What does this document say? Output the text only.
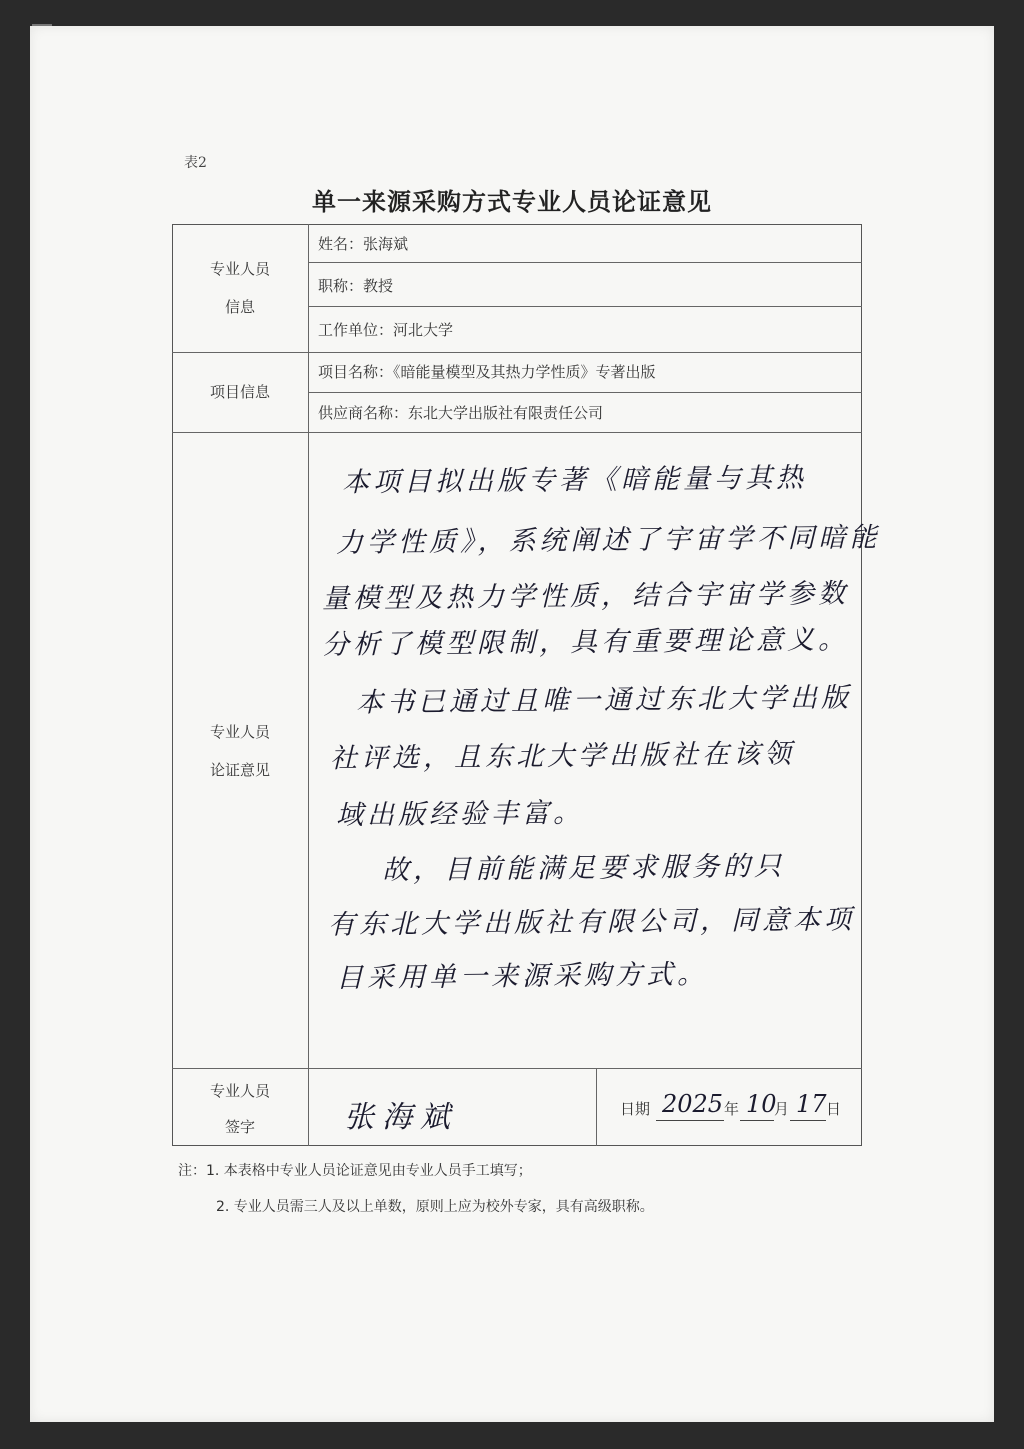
表2
单一来源采购方式专业人员论证意见
专业人员
信息
姓名：张海斌
职称：教授
工作单位：河北大学
项目信息
项目名称：《暗能量模型及其热力学性质》专著出版
供应商名称：东北大学出版社有限责任公司
专业人员
论证意见
本项目拟出版专著《暗能量与其热
力学性质》，系统阐述了宇宙学不同暗能
量模型及热力学性质，结合宇宙学参数
分析了模型限制，具有重要理论意义。
本书已通过且唯一通过东北大学出版
社评选，且东北大学出版社在该领
域出版经验丰富。
故，目前能满足要求服务的只
有东北大学出版社有限公司，同意本项
目采用单一来源采购方式。
专业人员
签字	张海斌	日期 2025 年 10
月 17 日
注：1. 本表格中专业人员论证意见由专业人员手工填写；
2. 专业人员需三人及以上单数，原则上应为校外专家，具有高级职称。
